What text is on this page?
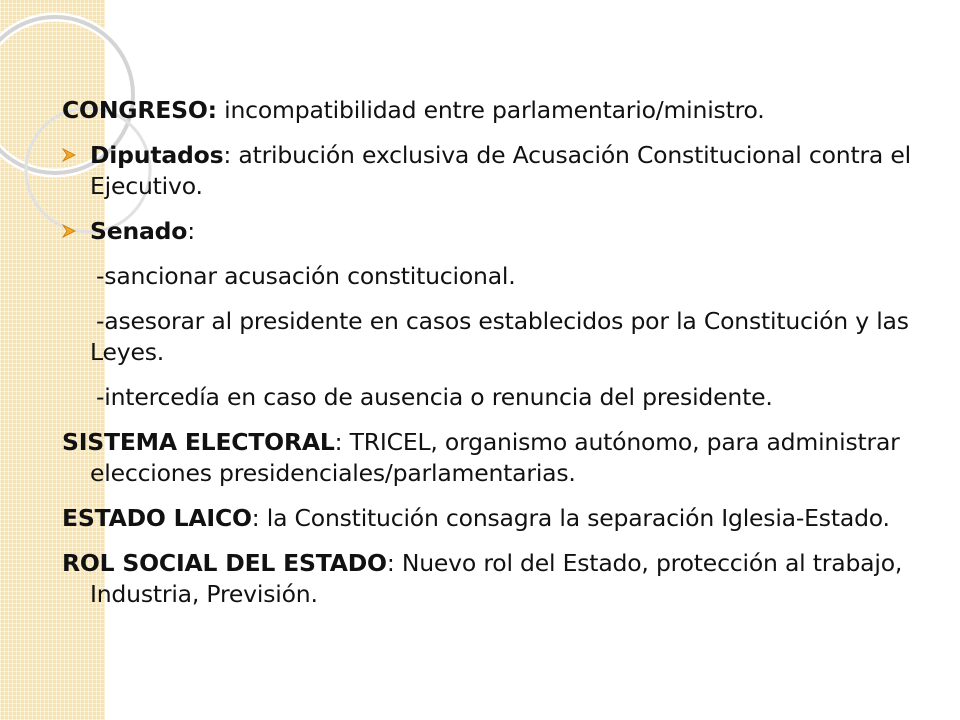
CONGRESO: incompatibilidad entre parlamentario/ministro.

Diputados: atribución exclusiva de Acusación Constitucional contra el Ejecutivo.

Senado:

-sancionar acusación constitucional.

-asesorar al presidente en casos establecidos por la Constitución y las Leyes.

-intercedía en caso de ausencia o renuncia del presidente.

SISTEMA ELECTORAL: TRICEL, organismo autónomo, para administrar elecciones presidenciales/parlamentarias.

ESTADO LAICO: la Constitución consagra la separación Iglesia-Estado.

ROL SOCIAL DEL ESTADO: Nuevo rol del Estado, protección al trabajo, Industria, Previsión.
